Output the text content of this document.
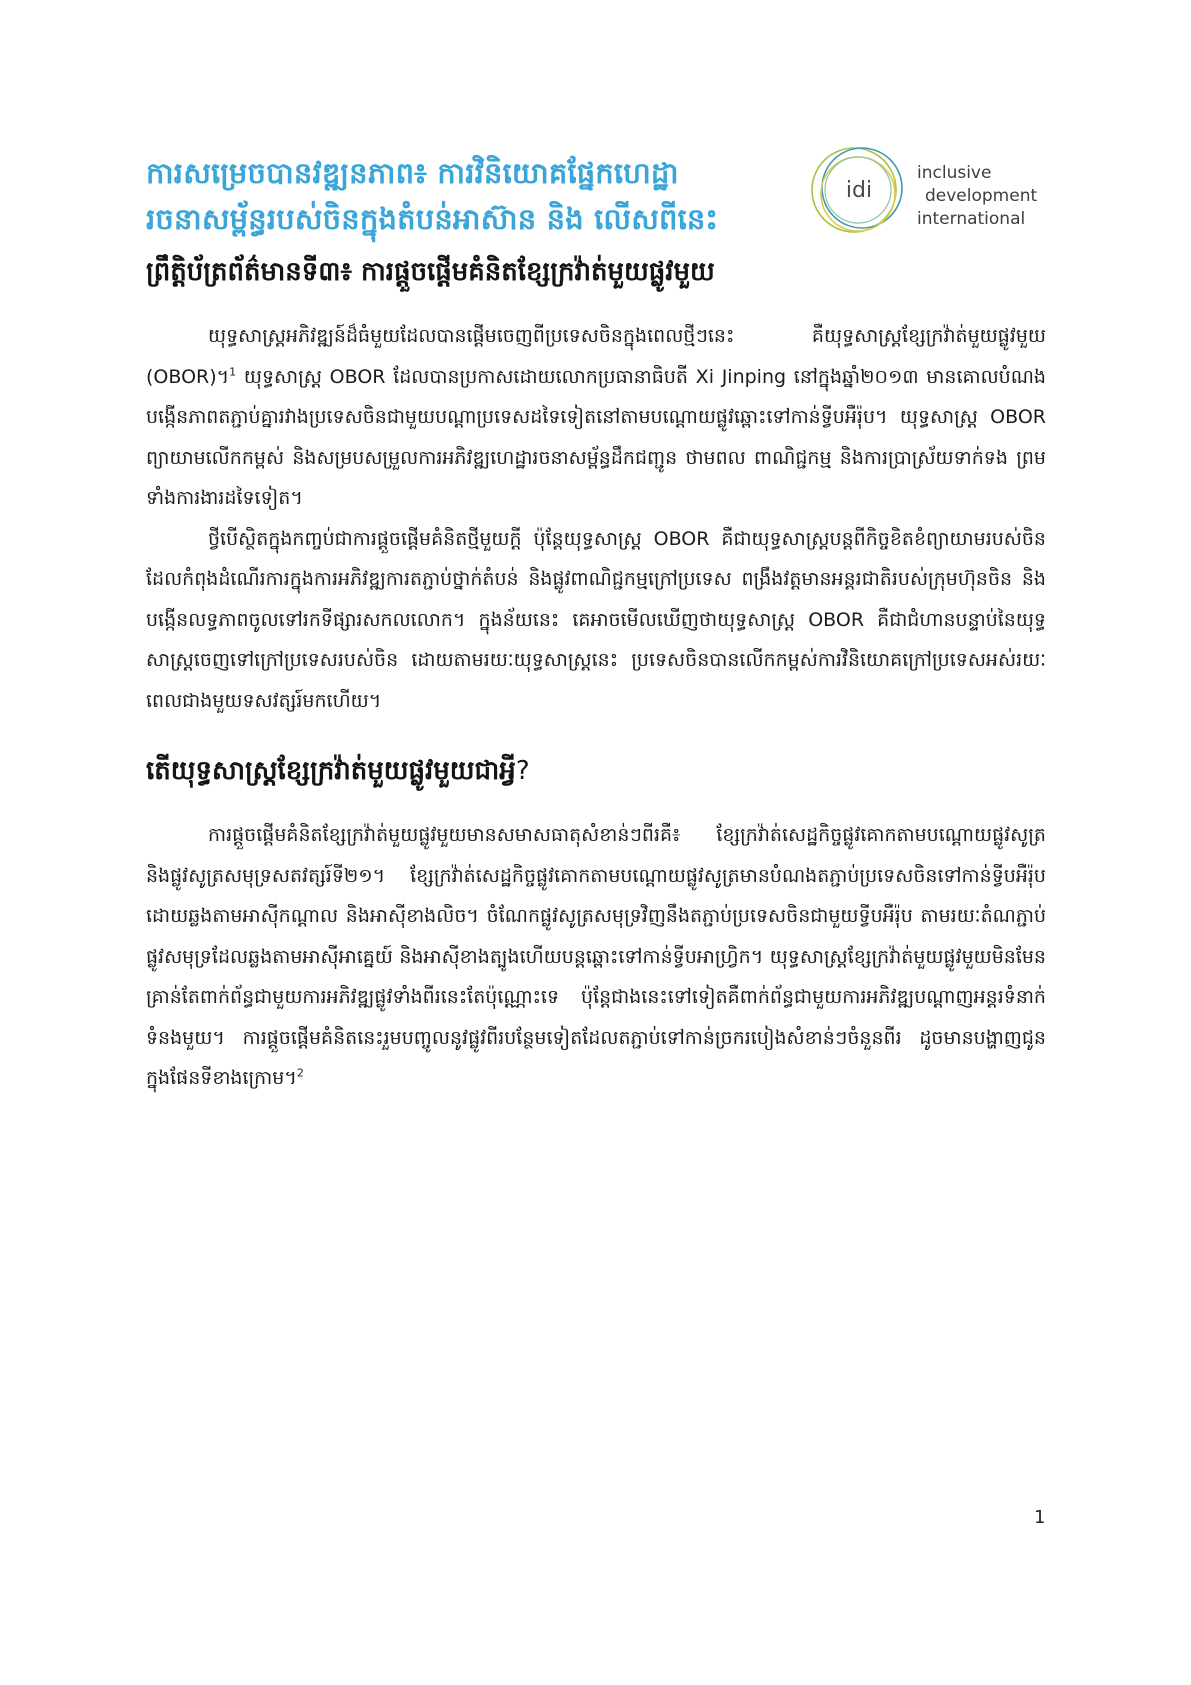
ការសម្រេចបានវឌ្ឍនភាព៖ ការវិនិយោគផ្នែកហេដ្ឋា
រចនាសម្ព័ន្ធរបស់ចិនក្នុងតំបន់អាស៊ាន និង លើសពីនេះ
idi
inclusive
development
international
ព្រឹត្តិប័ត្រព័ត៌មានទី៣៖ ការផ្តួចផ្តើមគំនិតខ្សែក្រវ៉ាត់មួយផ្លូវមួយ

យុទ្ធសាស្ត្រអភិវឌ្ឍន៍ដ៏ធំមួយដែលបានផ្តើមចេញពីប្រទេសចិនក្នុងពេលថ្មីៗនេះ គឺយុទ្ធសាស្ត្រខ្សែក្រវ៉ាត់មួយផ្លូវមួយ (OBOR)។$^1$ យុទ្ធសាស្ត្រ OBOR ដែលបានប្រកាសដោយលោកប្រធានាធិបតី Xi Jinping នៅក្នុងឆ្នាំ២០១៣ មានគោលបំណងបង្កើនភាពតភ្ជាប់គ្នារវាងប្រទេសចិនជាមួយបណ្តាប្រទេសដទៃទៀតនៅតាមបណ្តោយផ្លូវឆ្ពោះទៅកាន់ទ្វីបអឺរ៉ុប។ យុទ្ធសាស្ត្រ OBOR ព្យាយាមលើកកម្ពស់ និងសម្របសម្រួលការអភិវឌ្ឍហេដ្ឋារចនាសម្ព័ន្ធដឹកជញ្ជូន ថាមពល ពាណិជ្ជកម្ម និងការប្រាស្រ័យទាក់ទង ព្រមទាំងការងារដទៃទៀត។

ថ្វីបើស្ថិតក្នុងកញ្ចប់ជាការផ្តួចផ្តើមគំនិតថ្មីមួយក្តី ប៉ុន្តែយុទ្ធសាស្ត្រ OBOR គឺជាយុទ្ធសាស្ត្របន្តពីកិច្ចខិតខំព្យាយាមរបស់ចិនដែលកំពុងដំណើរការក្នុងការអភិវឌ្ឍការតភ្ជាប់ថ្នាក់តំបន់ និងផ្លូវពាណិជ្ជកម្មក្រៅប្រទេស ពង្រឹងវត្តមានអន្តរជាតិរបស់ក្រុមហ៊ុនចិន និងបង្កើនលទ្ធភាពចូលទៅរកទីផ្សារសកលលោក។ ក្នុងន័យនេះ គេអាចមើលឃើញថាយុទ្ធសាស្ត្រ OBOR គឺជាជំហានបន្ទាប់នៃយុទ្ធសាស្ត្រចេញទៅក្រៅប្រទេសរបស់ចិន ដោយតាមរយៈយុទ្ធសាស្ត្រនេះ ប្រទេសចិនបានលើកកម្ពស់ការវិនិយោគក្រៅប្រទេសអស់រយៈពេលជាងមួយទសវត្សរ៍មកហើយ។

តើយុទ្ធសាស្ត្រខ្សែក្រវ៉ាត់មួយផ្លូវមួយជាអ្វី?

ការផ្តួចផ្តើមគំនិតខ្សែក្រវ៉ាត់មួយផ្លូវមួយមានសមាសធាតុសំខាន់ៗពីរគឺ៖ ខ្សែក្រវ៉ាត់សេដ្ឋកិច្ចផ្លូវគោកតាមបណ្តោយផ្លូវសូត្រ និងផ្លូវសូត្រសមុទ្រសតវត្សរ៍ទី២១។ ខ្សែក្រវ៉ាត់សេដ្ឋកិច្ចផ្លូវគោកតាមបណ្តោយផ្លូវសូត្រមានបំណងតភ្ជាប់ប្រទេសចិនទៅកាន់ទ្វីបអឺរ៉ុបដោយឆ្លងតាមអាស៊ីកណ្តាល និងអាស៊ីខាងលិច។ ចំណែកផ្លូវសូត្រសមុទ្រវិញនឹងតភ្ជាប់ប្រទេសចិនជាមួយទ្វីបអឺរ៉ុប តាមរយៈតំណភ្ជាប់ផ្លូវសមុទ្រដែលឆ្លងតាមអាស៊ីអាគ្នេយ៍ និងអាស៊ីខាងត្បូងហើយបន្តឆ្ពោះទៅកាន់ទ្វីបអាហ្វ្រិក។ យុទ្ធសាស្ត្រខ្សែក្រវ៉ាត់មួយផ្លូវមួយមិនមែនគ្រាន់តែពាក់ព័ន្ធជាមួយការអភិវឌ្ឍផ្លូវទាំងពីរនេះតែប៉ុណ្ណោះទេ ប៉ុន្តែជាងនេះទៅទៀតគឺពាក់ព័ន្ធជាមួយការអភិវឌ្ឍបណ្តាញអន្តរទំនាក់ទំនងមួយ។ ការផ្តួចផ្តើមគំនិតនេះរួមបញ្ចូលនូវផ្លូវពីរបន្ថែមទៀតដែលតភ្ជាប់ទៅកាន់ច្រករបៀងសំខាន់ៗចំនួនពីរ ដូចមានបង្ហាញជូនក្នុងផែនទីខាងក្រោម។$^2$

1
